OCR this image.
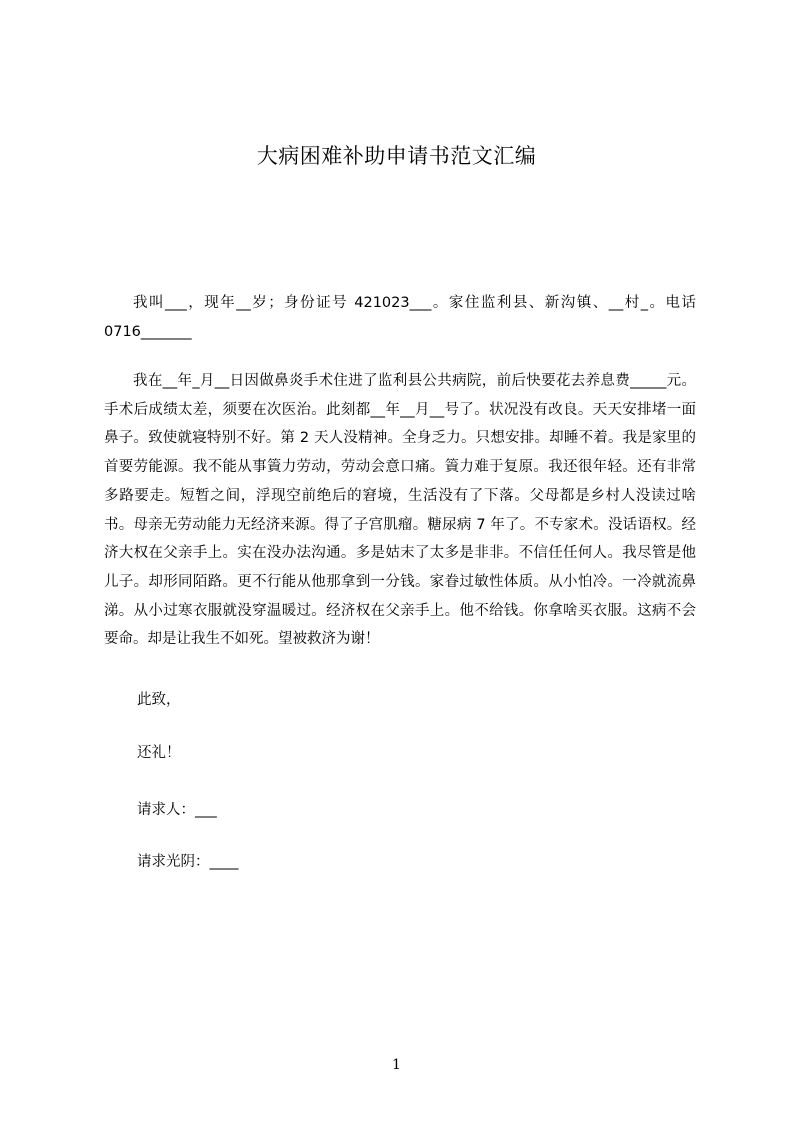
大病困难补助申请书范文汇编

我叫___，现年__岁；身份证号 421023___。家住监利县、新沟镇、__村_。电话0716_______

我在__年_月__日因做鼻炎手术住进了监利县公共病院，前后快要花去养息费_____元。手术后成绩太差，须要在次医治。此刻都__年__月__号了。状况没有改良。天天安排堵一面鼻子。致使就寝特别不好。第 2 天人没精神。全身乏力。只想安排。却睡不着。我是家里的首要劳能源。我不能从事篢力劳动，劳动会意口痛。篢力难于复原。我还很年轻。还有非常多路要走。短暂之间，浮现空前绝后的窘境，生活没有了下落。父母都是乡村人没读过啥书。母亲无劳动能力无经济来源。得了子宫肌瘤。糖尿病 7 年了。不专家术。没话语权。经济大权在父亲手上。实在没办法沟通。多是姑末了太多是非非。不信任任何人。我尽管是他儿子。却形同陌路。更不行能从他那拿到一分钱。家眷过敏性体质。从小怕冷。一冷就流鼻涕。从小过寒衣服就没穿温暖过。经济权在父亲手上。他不给钱。你拿啥买衣服。这病不会要命。却是让我生不如死。望被救济为谢！

此致，
还礼！
请求人：___
请求光阴：____
1
